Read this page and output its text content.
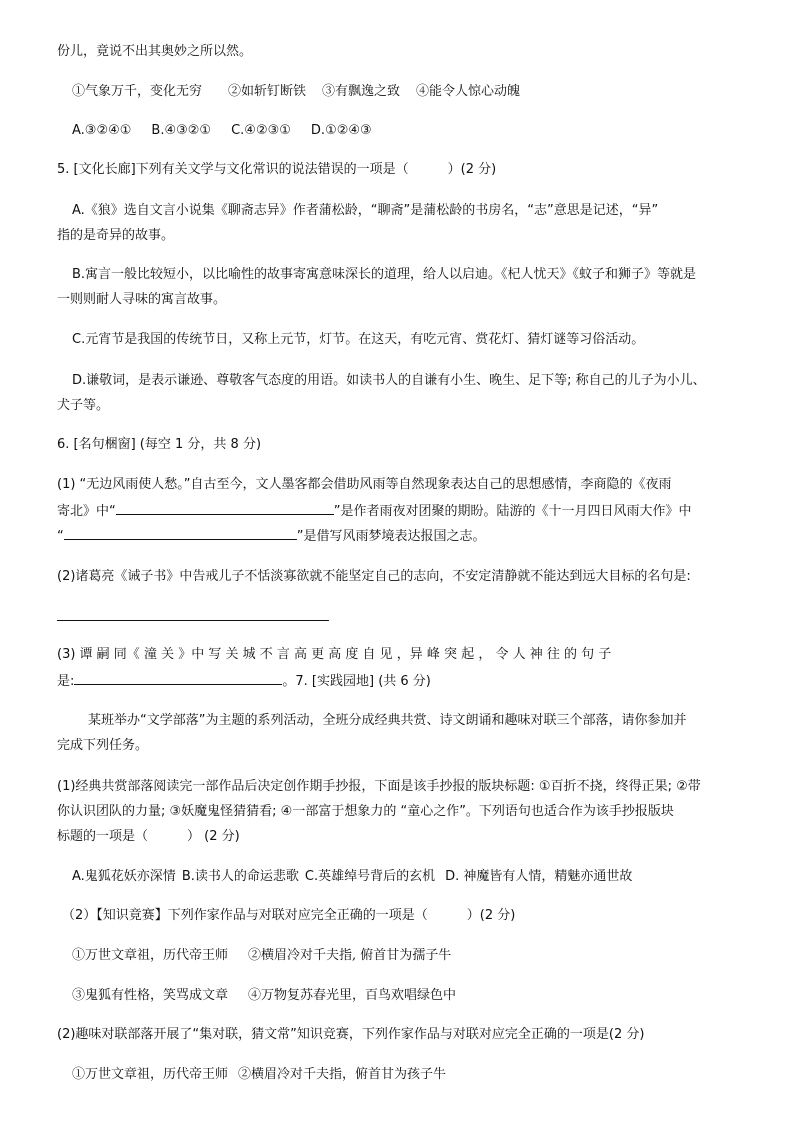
份儿，竟说不出其奥妙之所以然。
①气象万千，变化无穷 ②如斩钉断铁 ③有飘逸之致 ④能令人惊心动魄
A.③②④① B.④③②① C.④②③① D.①②④③
5. [文化长廊]下列有关文学与文化常识的说法错误的一项是（　　　）(2 分)
A.《狼》选自文言小说集《聊斋志异》作者蒲松龄，“聊斋”是蒲松龄的书房名，“志”意思是记述，“异”
指的是奇异的故事。
B.寓言一般比较短小，以比喻性的故事寄寓意味深长的道理，给人以启迪。《杞人忧天》《蚊子和狮子》等就是
一则则耐人寻味的寓言故事。
C.元宵节是我国的传统节日，又称上元节，灯节。在这天，有吃元宵、赏花灯、猜灯谜等习俗活动。
D.谦敬词，是表示谦逊、尊敬客气态度的用语。如读书人的自谦有小生、晚生、足下等; 称自己的儿子为小儿、
犬子等。
6. [名句梱窗] (每空 1 分，共 8 分)
(1) “无边风雨使人愁。”自古至今，文人墨客都会借助风雨等自然现象表达自己的思想感情，李商隐的《夜雨
寄北》中“	”是作者雨夜对团聚的期盼。陆游的《十一月四日风雨大作》中
“	”是借写风雨梦境表达报国之志。
(2)诸葛亮《诫子书》中告戒儿子不恬淡寡欲就不能坚定自己的志向，不安定清静就不能达到远大目标的名句是:
(3) 谭 嗣 同《 潼 关 》中 写 关 城 不 言 高 更 高 度 自 见 ，异 峰 突 起 ， 令 人 神 往 的 句 子
是:	。7. [实践园地] (共 6 分)
某班举办“文学部落”为主题的系列活动，全班分成经典共赏、诗文朗诵和趣味对联三个部落，请你参加并
完成下列任务。
(1)经典共赏部落阅读完一部作品后决定创作期手抄报，下面是该手抄报的版块标题: ①百折不挠，终得正果; ②带
你认识团队的力量; ③妖魔鬼怪猜猜看; ④一部富于想象力的 “童心之作”。下列语句也适合作为该手抄报版块
标题的一项是（　　　） (2 分)
A.鬼狐花妖亦深情 B.读书人的命运悲歌 C.英雄绰号背后的玄机 D. 神魔皆有人情，精魅亦通世故
（2）【知识竟赛】下列作家作品与对联对应完全正确的一项是（　　　）(2 分)
①万世文章祖，历代帝王师 ②横眉冷对千夫指, 俯首甘为孺子牛
③鬼狐有性格，笑骂成文章 ④万物复苏春光里，百鸟欢唱绿色中
(2)趣味对联部落开展了“集对联，猜文常”知识竞赛，下列作家作品与对联对应完全正确的一项是(2 分)
①万世文章祖，历代帝王师 ②横眉冷对千夫指，俯首甘为孩子牛
